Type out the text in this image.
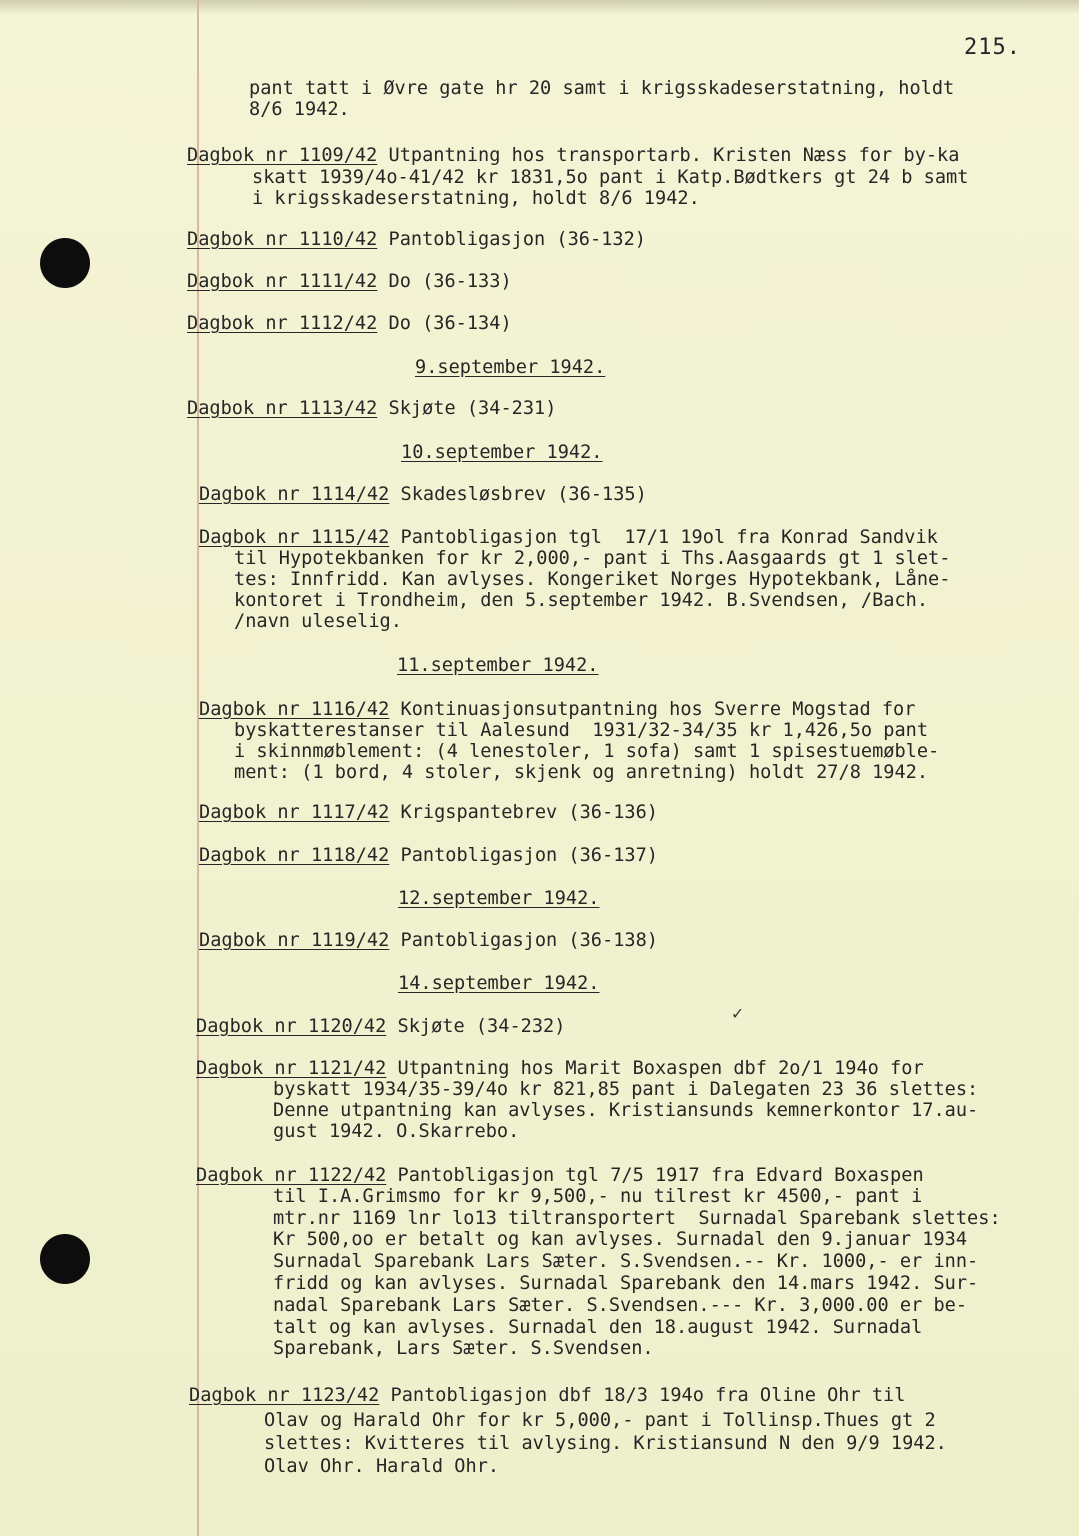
215.
✓
pant tatt i Øvre gate hr 20 samt i krigsskadeserstatning, holdt
8/6 1942.
Dagbok nr 1109/42 Utpantning hos transportarb. Kristen Næss for by-ka
skatt 1939/4o-41/42 kr 1831,5o pant i Katp.Bødtkers gt 24 b samt
i krigsskadeserstatning, holdt 8/6 1942.
Dagbok nr 1110/42 Pantobligasjon (36-132)
Dagbok nr 1111/42 Do (36-133)
Dagbok nr 1112/42 Do (36-134)
9.september 1942.
Dagbok nr 1113/42 Skjøte (34-231)
10.september 1942.
Dagbok nr 1114/42 Skadesløsbrev (36-135)
Dagbok nr 1115/42 Pantobligasjon tgl  17/1 19ol fra Konrad Sandvik
til Hypotekbanken for kr 2,000,- pant i Ths.Aasgaards gt 1 slet-
tes: Innfridd. Kan avlyses. Kongeriket Norges Hypotekbank, Låne-
kontoret i Trondheim, den 5.september 1942. B.Svendsen, /Bach.
/navn uleselig.
11.september 1942.
Dagbok nr 1116/42 Kontinuasjonsutpantning hos Sverre Mogstad for
byskatterestanser til Aalesund  1931/32-34/35 kr 1,426,5o pant
i skinnmøblement: (4 lenestoler, 1 sofa) samt 1 spisestuemøble-
ment: (1 bord, 4 stoler, skjenk og anretning) holdt 27/8 1942.
Dagbok nr 1117/42 Krigspantebrev (36-136)
Dagbok nr 1118/42 Pantobligasjon (36-137)
12.september 1942.
Dagbok nr 1119/42 Pantobligasjon (36-138)
14.september 1942.
Dagbok nr 1120/42 Skjøte (34-232)
Dagbok nr 1121/42 Utpantning hos Marit Boxaspen dbf 2o/1 194o for
byskatt 1934/35-39/4o kr 821,85 pant i Dalegaten 23 36 slettes:
Denne utpantning kan avlyses. Kristiansunds kemnerkontor 17.au-
gust 1942. O.Skarrebo.
Dagbok nr 1122/42 Pantobligasjon tgl 7/5 1917 fra Edvard Boxaspen
til I.A.Grimsmo for kr 9,500,- nu tilrest kr 4500,- pant i
mtr.nr 1169 lnr lo13 tiltransportert  Surnadal Sparebank slettes:
Kr 500,oo er betalt og kan avlyses. Surnadal den 9.januar 1934
Surnadal Sparebank Lars Sæter. S.Svendsen.-- Kr. 1000,- er inn-
fridd og kan avlyses. Surnadal Sparebank den 14.mars 1942. Sur-
nadal Sparebank Lars Sæter. S.Svendsen.--- Kr. 3,000.00 er be-
talt og kan avlyses. Surnadal den 18.august 1942. Surnadal
Sparebank, Lars Sæter. S.Svendsen.
Dagbok nr 1123/42 Pantobligasjon dbf 18/3 194o fra Oline Ohr til
Olav og Harald Ohr for kr 5,000,- pant i Tollinsp.Thues gt 2
slettes: Kvitteres til avlysing. Kristiansund N den 9/9 1942.
Olav Ohr. Harald Ohr.
